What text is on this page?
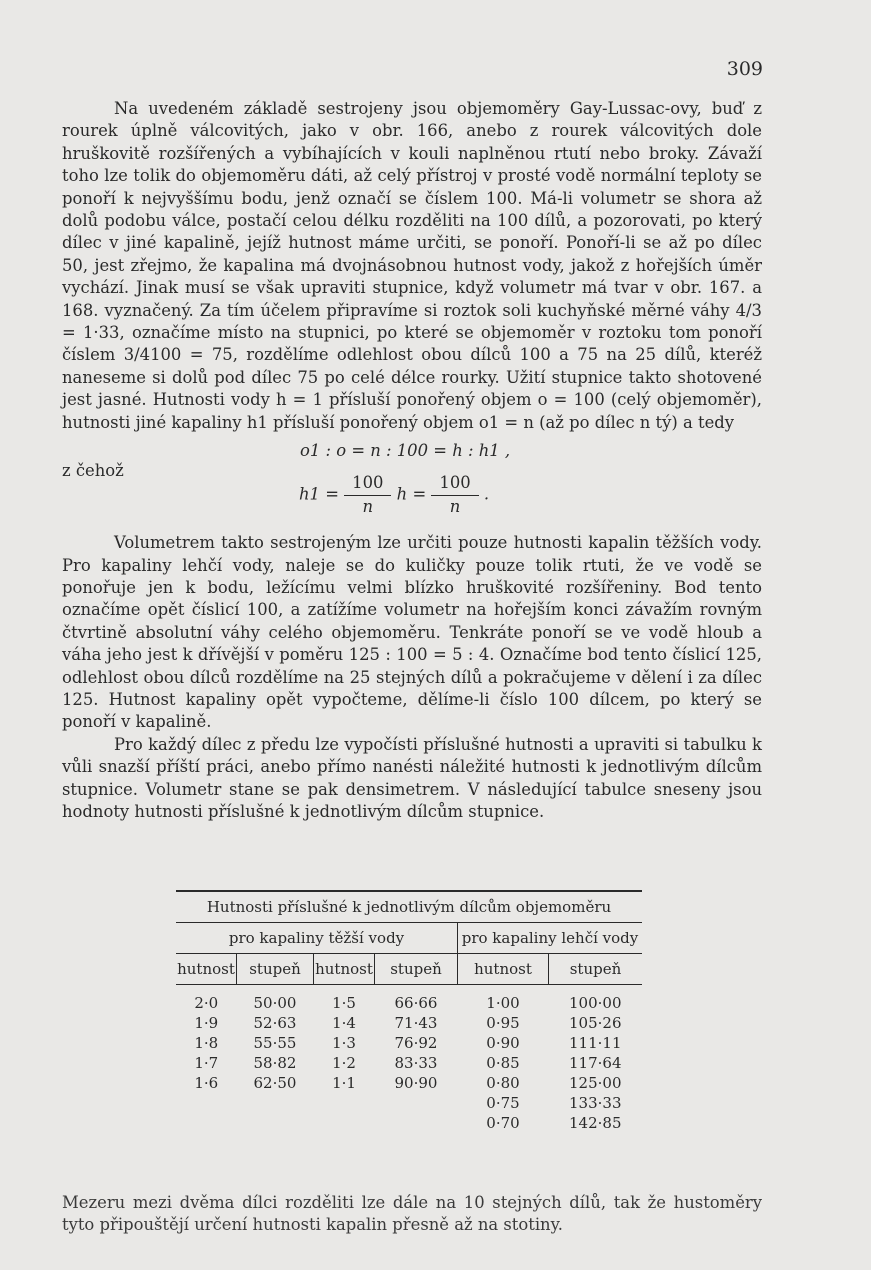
309

Na uvedeném základě sestrojeny jsou objemoměry Gay-Lussac-ovy, buď z rourek úplně válcovitých, jako v obr. 166, anebo z rourek válcovitých dole hruškovitě rozšířených a vybíhajících v kouli naplněnou rtutí nebo broky. Závaží toho lze tolik do objemoměru dáti, až celý přístroj v prosté vodě normální teploty se ponoří k nejvyššímu bodu, jenž označí se číslem 100. Má-li volumetr se shora až dolů podobu válce, postačí celou délku rozděliti na 100 dílů, a pozorovati, po který dílec v jiné kapalině, jejíž hutnost máme určiti, se ponoří. Ponoří-li se až po dílec 50, jest zřejmo, že kapalina má dvojnásobnou hutnost vody, jakož z hořejších úměr vychází. Jinak musí se však upraviti stupnice, když volumetr má tvar v obr. 167. a 168. vyznačený. Za tím účelem připravíme si roztok soli kuchyňské měrné váhy 4/3 = 1·33, označíme místo na stupnici, po které se objemoměr v roztoku tom ponoří číslem 3/4100 = 75, rozdělíme odlehlost obou dílců 100 a 75 na 25 dílů, kteréž naneseme si dolů pod dílec 75 po celé délce rourky. Užití stupnice takto shotovené jest jasné. Hutnosti vody h = 1 přísluší ponořený objem o = 100 (celý objemoměr), hutnosti jiné kapaliny h1 přísluší ponořený objem o1 = n (až po dílec n tý) a tedy

z čehož
o1 : o = n : 100 = h : h1 ,
$h1 = \frac{100}{n}$ $h = \frac{100}{n}$ .

Volumetrem takto sestrojeným lze určiti pouze hutnosti kapalin těžších vody. Pro kapaliny lehčí vody, naleje se do kuličky pouze tolik rtuti, že ve vodě se ponořuje jen k bodu, ležícímu velmi blízko hruškovité rozšířeniny. Bod tento označíme opět číslicí 100, a zatížíme volumetr na hořejším konci závažím rovným čtvrtině absolutní váhy celého objemoměru. Tenkráte ponoří se ve vodě hloub a váha jeho jest k dřívější v poměru 125 : 100 = 5 : 4. Označíme bod tento číslicí 125, odlehlost obou dílců rozdělíme na 25 stejných dílů a pokračujeme v dělení i za dílec 125. Hutnost kapaliny opět vypočteme, dělíme-li číslo 100 dílcem, po který se ponoří v kapalině.

Pro každý dílec z předu lze vypočísti příslušné hutnosti a upraviti si tabulku k vůli snazší příští práci, anebo přímo nanésti náležité hutnosti k jednotlivým dílcům stupnice. Volumetr stane se pak densimetrem. V následující tabulce sneseny jsou hodnoty hutnosti příslušné k jednotlivým dílcům stupnice.

Hutnosti příslušné k jednotlivým dílcům objemoměru					
pro kapaliny těžší vody				pro kapaliny lehčí vody	
hutnost	stupeň	hutnost	stupeň	hutnost	stupeň
2·0	50·00	1·5	66·66	1·00	100·00
1·9	52·63	1·4	71·43	0·95	105·26
1·8	55·55	1·3	76·92	0·90	111·11
1·7	58·82	1·2	83·33	0·85	117·64
1·6	62·50	1·1	90·90	0·80	125·00
				0·75	133·33
				0·70	142·85
Mezeru mezi dvěma dílci rozděliti lze dále na 10 stejných dílů, tak že hustoměry tyto připouštějí určení hutnosti kapalin přesně až na stotiny.
